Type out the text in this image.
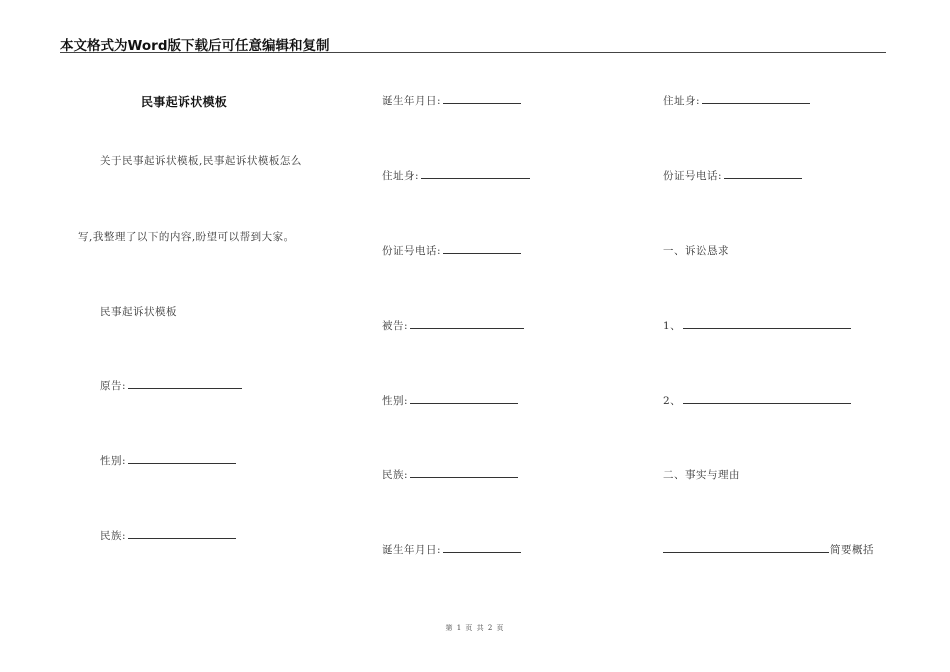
本文格式为Word版下载后可任意编辑和复制
民事起诉状模板
关于民事起诉状模板,民事起诉状模板怎么
写,我整理了以下的内容,盼望可以帮到大家。
民事起诉状模板
原告:
性别:
民族:
诞生年月日:
住址身:
份证号电话:
被告:
性别:
民族:
诞生年月日:
住址身:
份证号电话:
一、诉讼恳求
1、
2、
二、事实与理由
简要概括
第 1 页 共 2 页
